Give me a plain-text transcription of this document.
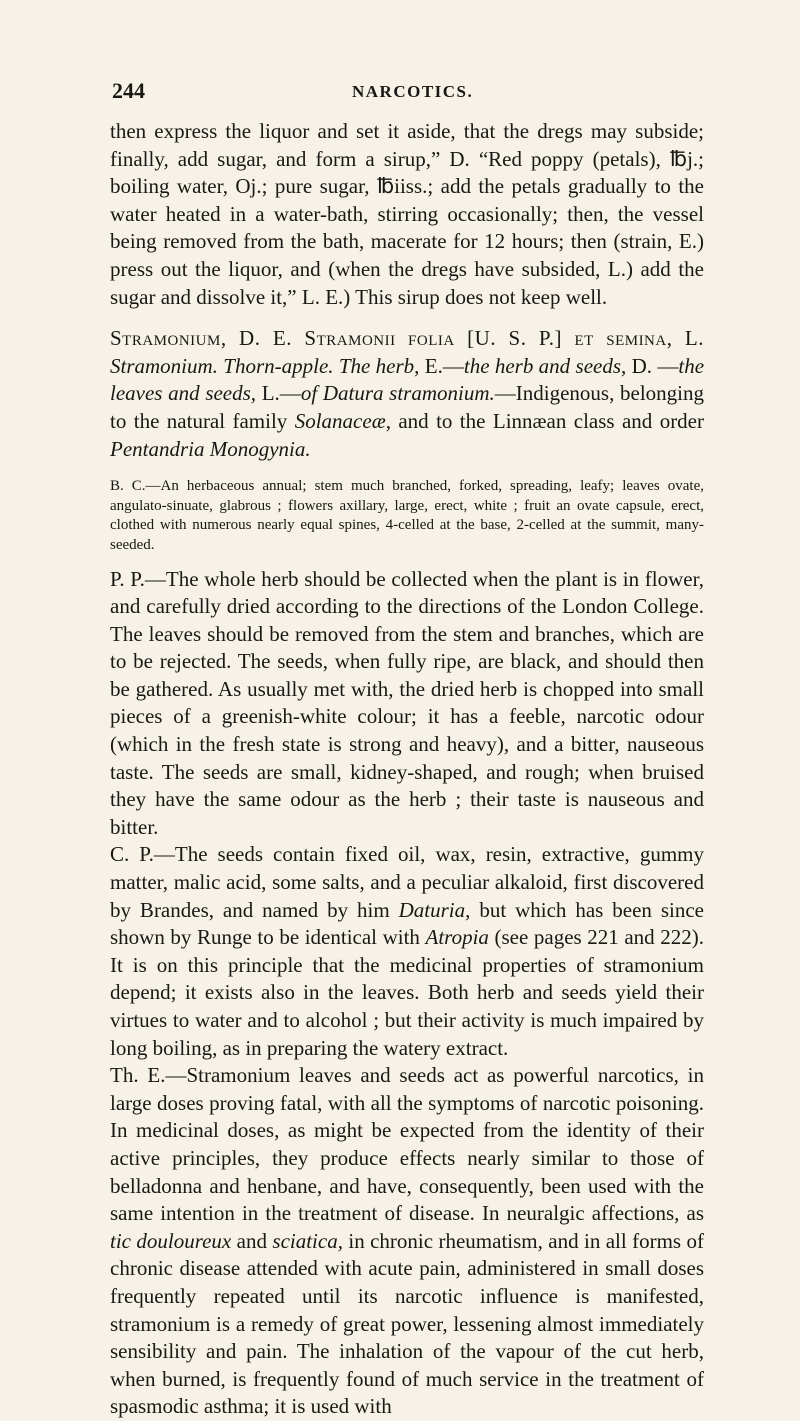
244	NARCOTICS.

then express the liquor and set it aside, that the dregs may subside; finally, add sugar, and form a sirup,” D. “Red poppy (petals), ℔j.; boiling water, Oj.; pure sugar, ℔iiss.; add the petals gradually to the water heated in a water-bath, stirring occasionally; then, the vessel being removed from the bath, macerate for 12 hours; then (strain, E.) press out the liquor, and (when the dregs have subsided, L.) add the sugar and dissolve it,” L. E.) This sirup does not keep well.

Stramonium, D. E. Stramonii folia [U. S. P.] et semina, L. Stramonium. Thorn-apple. The herb, E.—the herb and seeds, D. —the leaves and seeds, L.—of Datura stramonium.—Indigenous, belonging to the natural family Solanaceæ, and to the Linnæan class and order Pentandria Monogynia.

B. C.—An herbaceous annual; stem much branched, forked, spreading, leafy; leaves ovate, angulato-sinuate, glabrous ; flowers axillary, large, erect, white ; fruit an ovate capsule, erect, clothed with numerous nearly equal spines, 4-celled at the base, 2-celled at the summit, many-seeded.

P. P.—The whole herb should be collected when the plant is in flower, and carefully dried according to the directions of the London College. The leaves should be removed from the stem and branches, which are to be rejected. The seeds, when fully ripe, are black, and should then be gathered. As usually met with, the dried herb is chopped into small pieces of a greenish-white colour; it has a feeble, narcotic odour (which in the fresh state is strong and heavy), and a bitter, nauseous taste. The seeds are small, kidney-shaped, and rough; when bruised they have the same odour as the herb ; their taste is nauseous and bitter.

C. P.—The seeds contain fixed oil, wax, resin, extractive, gummy matter, malic acid, some salts, and a peculiar alkaloid, first discovered by Brandes, and named by him Daturia, but which has been since shown by Runge to be identical with Atropia (see pages 221 and 222). It is on this principle that the medicinal properties of stramonium depend; it exists also in the leaves. Both herb and seeds yield their virtues to water and to alcohol ; but their activity is much impaired by long boiling, as in preparing the watery extract.

Th. E.—Stramonium leaves and seeds act as powerful narcotics, in large doses proving fatal, with all the symptoms of narcotic poisoning. In medicinal doses, as might be expected from the identity of their active principles, they produce effects nearly similar to those of belladonna and henbane, and have, consequently, been used with the same intention in the treatment of disease. In neuralgic affections, as tic douloureux and sciatica, in chronic rheumatism, and in all forms of chronic disease attended with acute pain, administered in small doses frequently repeated until its narcotic influence is manifested, stramonium is a remedy of great power, lessening almost immediately sensibility and pain. The inhalation of the vapour of the cut herb, when burned, is frequently found of much service in the treatment of spasmodic asthma; it is used with
